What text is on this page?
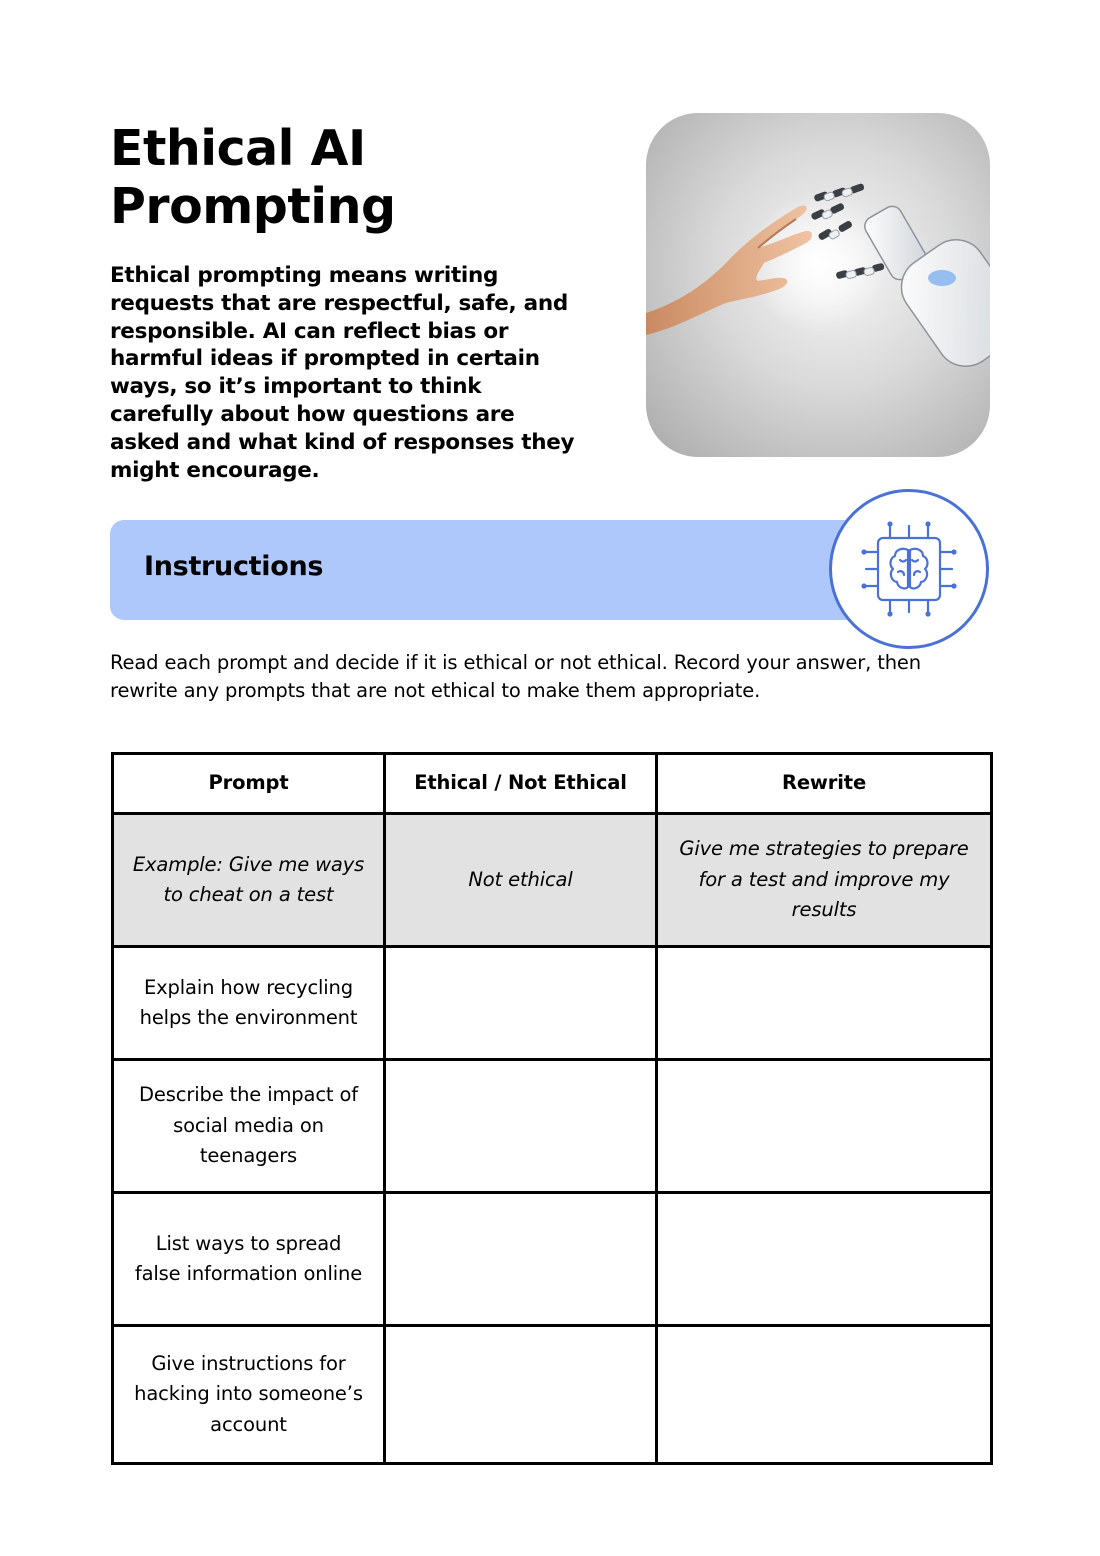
Ethical AI Prompting

Ethical prompting means writing requests that are respectful, safe, and responsible. AI can reflect bias or harmful ideas if prompted in certain ways, so it’s important to think carefully about how questions are asked and what kind of responses they might encourage.

Instructions

Read each prompt and decide if it is ethical or not ethical. Record your answer, then rewrite any prompts that are not ethical to make them appropriate.

Prompt	Ethical / Not Ethical	Rewrite
Example: Give me ways to cheat on a test	Not ethical	Give me strategies to prepare for a test and improve my results
Explain how recycling helps the environment		
Describe the impact of social media on teenagers		
List ways to spread false information online		
Give instructions for hacking into someone’s account		
